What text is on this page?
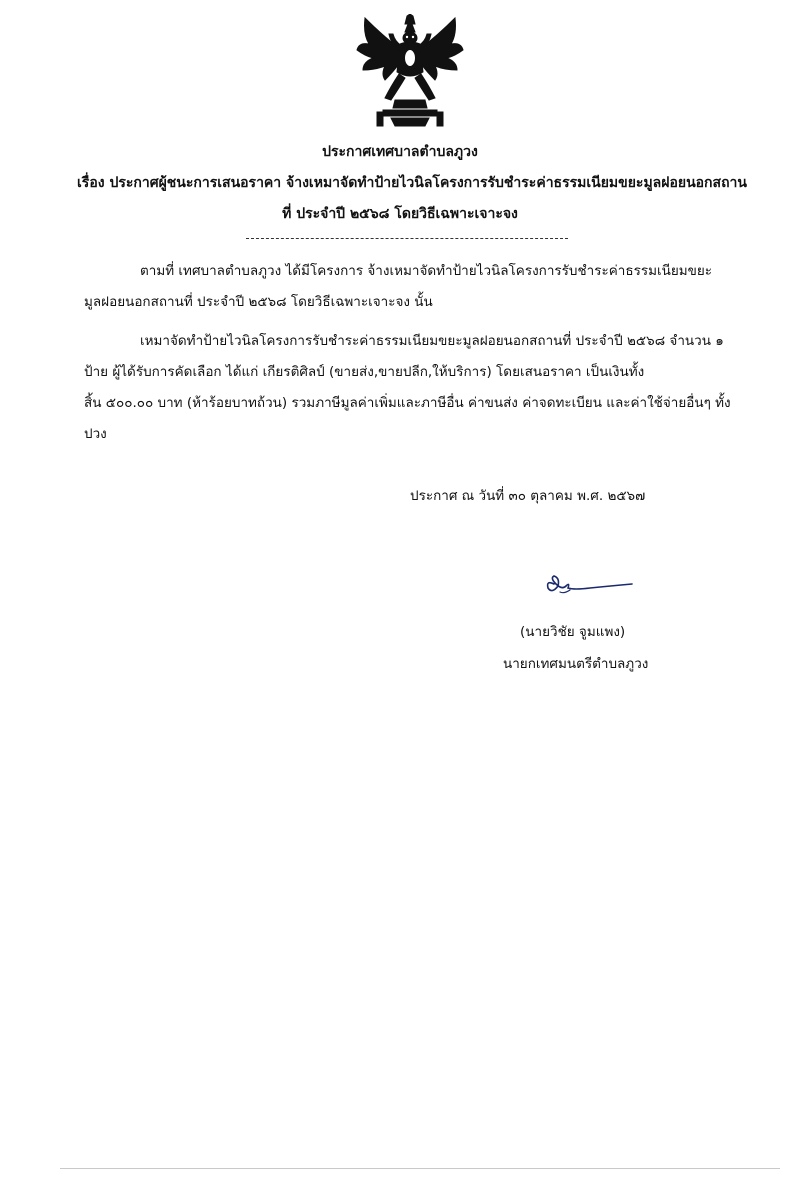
ประกาศเทศบาลตำบลภูวง
เรื่อง ประกาศผู้ชนะการเสนอราคา จ้างเหมาจัดทำป้ายไวนิลโครงการรับชำระค่าธรรมเนียมขยะมูลฝอยนอกสถาน
ที่ ประจำปี ๒๕๖๘ โดยวิธีเฉพาะเจาะจง
ตามที่ เทศบาลตำบลภูวง ได้มีโครงการ จ้างเหมาจัดทำป้ายไวนิลโครงการรับชำระค่าธรรมเนียมขยะ
มูลฝอยนอกสถานที่ ประจำปี ๒๕๖๘ โดยวิธีเฉพาะเจาะจง นั้น
เหมาจัดทำป้ายไวนิลโครงการรับชำระค่าธรรมเนียมขยะมูลฝอยนอกสถานที่ ประจำปี ๒๕๖๘ จำนวน ๑
ป้าย ผู้ได้รับการคัดเลือก ได้แก่ เกียรติศิลป์ (ขายส่ง,ขายปลีก,ให้บริการ) โดยเสนอราคา เป็นเงินทั้ง
สิ้น ๕๐๐.๐๐ บาท (ห้าร้อยบาทถ้วน) รวมภาษีมูลค่าเพิ่มและภาษีอื่น ค่าขนส่ง ค่าจดทะเบียน และค่าใช้จ่ายอื่นๆ ทั้ง
ปวง
ประกาศ ณ วันที่ ๓๐ ตุลาคม พ.ศ. ๒๕๖๗
(นายวิชัย จูมแพง)
นายกเทศมนตรีตำบลภูวง
